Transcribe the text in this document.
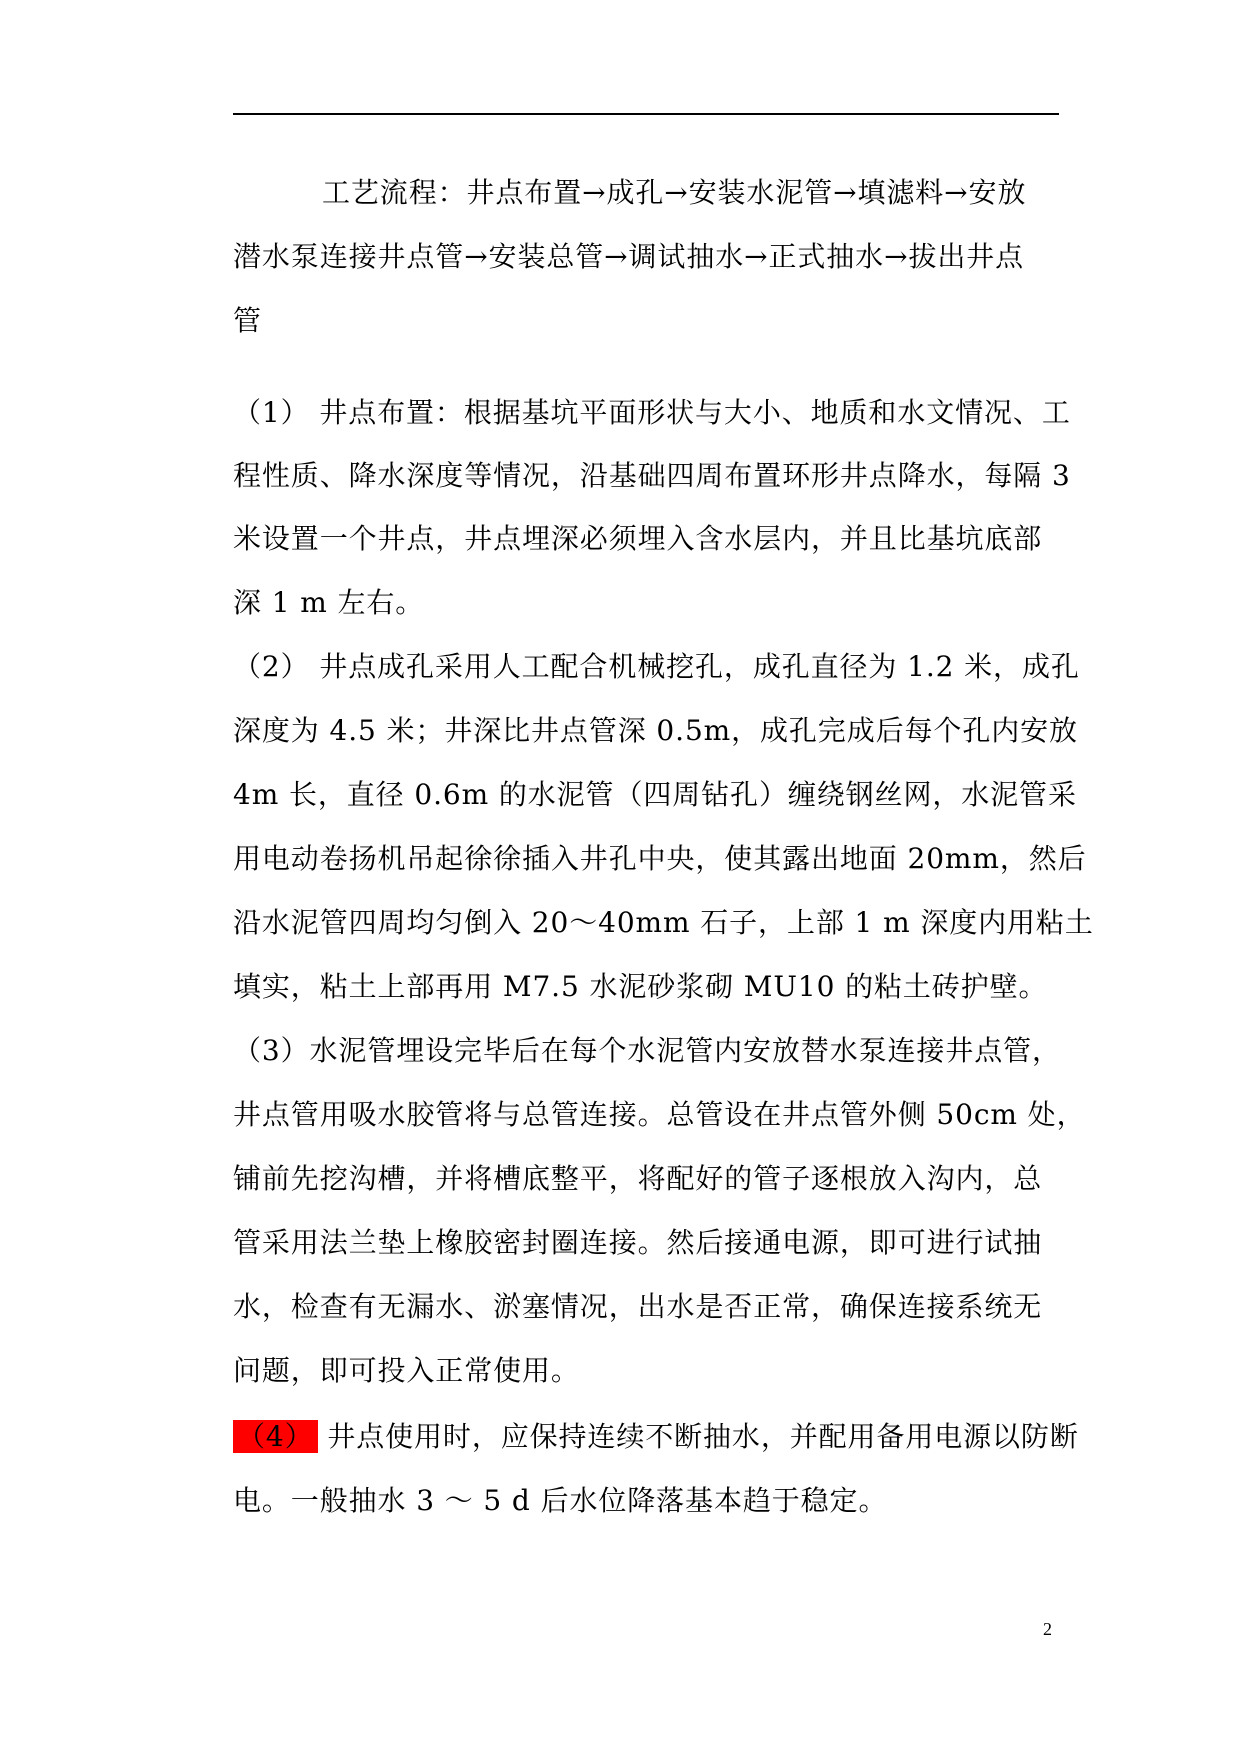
工艺流程：井点布置→成孔→安装水泥管→填滤料→安放

潜水泵连接井点管→安装总管→调试抽水→正式抽水→拔出井点

管

（1） 井点布置：根据基坑平面形状与大小、地质和水文情况、工

程性质、降水深度等情况，沿基础四周布置环形井点降水，每隔 3

米设置一个井点，井点埋深必须埋入含水层内，并且比基坑底部

深 1 m 左右。

（2） 井点成孔采用人工配合机械挖孔，成孔直径为 1.2 米，成孔

深度为 4.5 米；井深比井点管深 0.5m，成孔完成后每个孔内安放

4m 长，直径 0.6m 的水泥管（四周钻孔）缠绕钢丝网，水泥管采

用电动卷扬机吊起徐徐插入井孔中央，使其露出地面 20mm，然后

沿水泥管四周均匀倒入 20～40mm 石子，上部 1 m 深度内用粘土

填实，粘土上部再用 M7.5 水泥砂浆砌 MU10 的粘土砖护壁。

（3）水泥管埋设完毕后在每个水泥管内安放替水泵连接井点管，

井点管用吸水胶管将与总管连接。总管设在井点管外侧 50cm 处，

铺前先挖沟槽，并将槽底整平，将配好的管子逐根放入沟内，总

管采用法兰垫上橡胶密封圈连接。然后接通电源，即可进行试抽

水，检查有无漏水、淤塞情况，出水是否正常，确保连接系统无

问题，即可投入正常使用。

（4） 井点使用时，应保持连续不断抽水，并配用备用电源以防断

电。一般抽水 3 ～ 5 d 后水位降落基本趋于稳定。

2
